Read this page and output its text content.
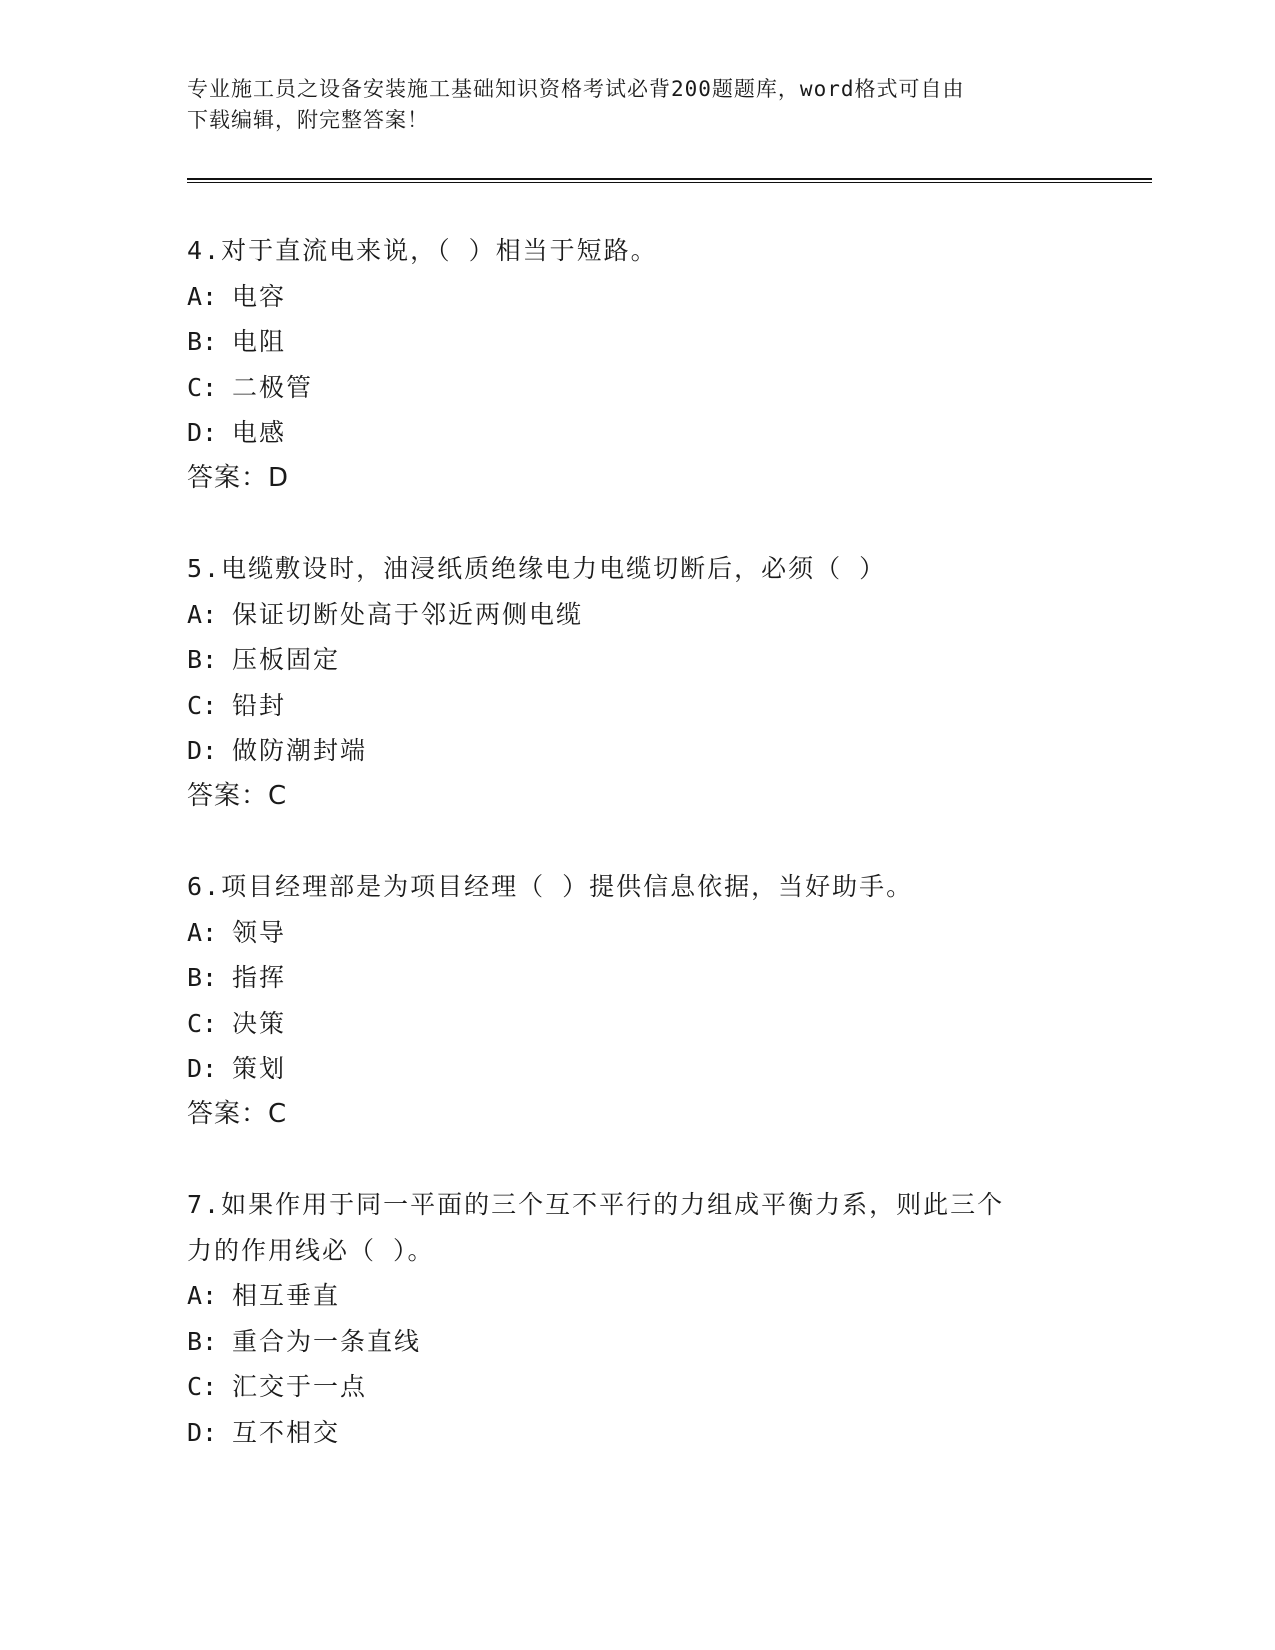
专业施工员之设备安装施工基础知识资格考试必背200题题库，word格式可自由
下载编辑，附完整答案！
4.对于直流电来说，（ ）相当于短路。
A: 电容
B: 电阻
C: 二极管
D: 电感
答案：D
5.电缆敷设时，油浸纸质绝缘电力电缆切断后，必须（ ）
A: 保证切断处高于邻近两侧电缆
B: 压板固定
C: 铅封
D: 做防潮封端
答案：C
6.项目经理部是为项目经理（ ）提供信息依据，当好助手。
A: 领导
B: 指挥
C: 决策
D: 策划
答案：C
7.如果作用于同一平面的三个互不平行的力组成平衡力系，则此三个
力的作用线必（ ）。
A: 相互垂直
B: 重合为一条直线
C: 汇交于一点
D: 互不相交
